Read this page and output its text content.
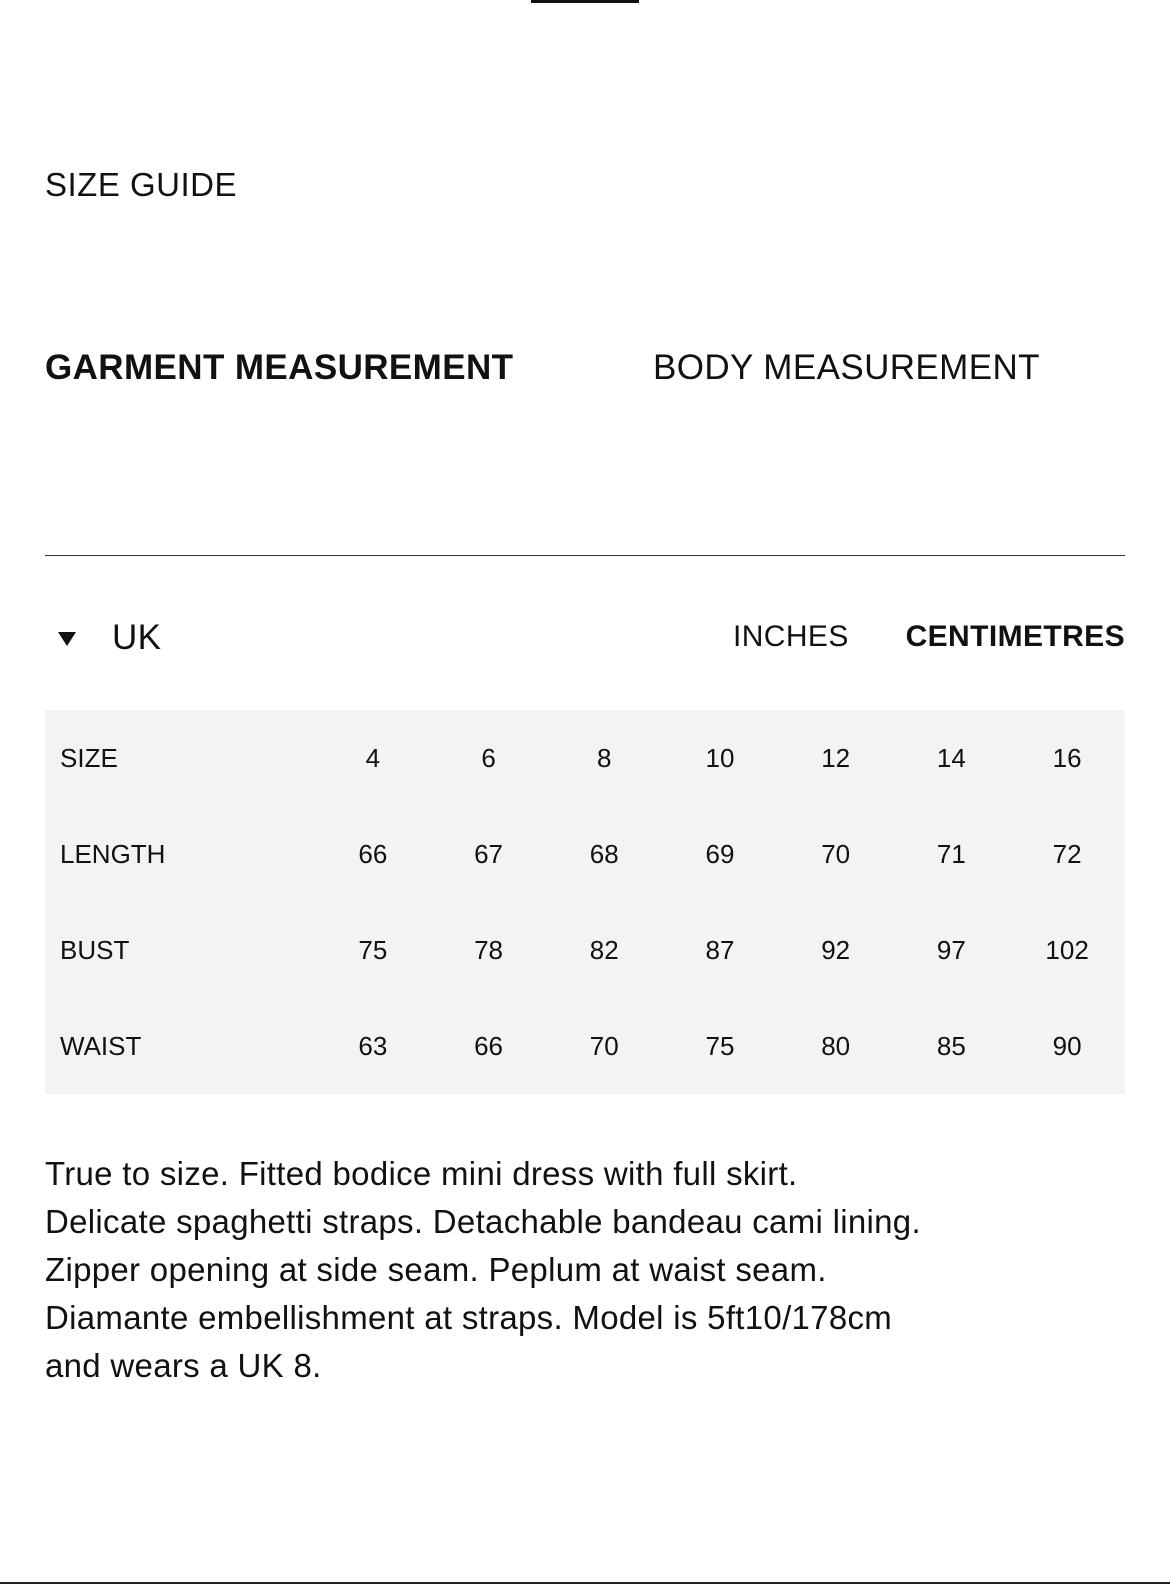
SIZE GUIDE
GARMENT MEASUREMENT	BODY MEASUREMENT
UK	INCHES CENTIMETRES
SIZE	4	6	8	10	12	14	16
LENGTH	66	67	68	69	70	71	72
BUST	75	78	82	87	92	97	102
WAIST	63	66	70	75	80	85	90

True to size. Fitted bodice mini dress with full skirt. Delicate spaghetti straps. Detachable bandeau cami lining. Zipper opening at side seam. Peplum at waist seam. Diamante embellishment at straps. Model is 5ft10/178cm and wears a UK 8.
